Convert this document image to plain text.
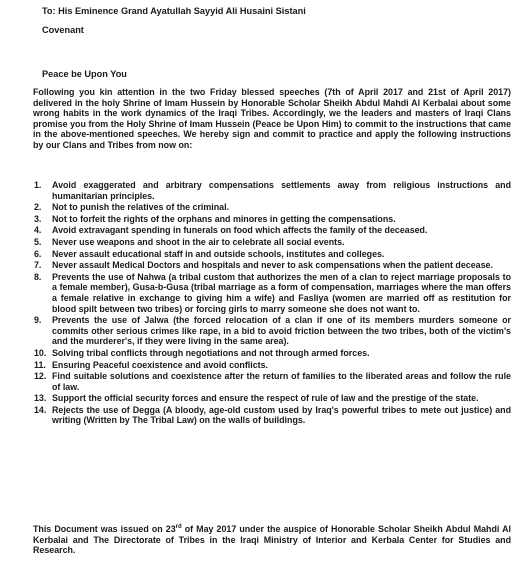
To: His Eminence Grand Ayatullah Sayyid Ali Husaini Sistani
Covenant
Peace be Upon You
Following you kin attention in the two Friday blessed speeches (7th of April 2017 and 21st of April 2017) delivered in the holy Shrine of Imam Hussein by Honorable Scholar Sheikh Abdul Mahdi Al Kerbalai about some wrong habits in the work dynamics of the Iraqi Tribes. Accordingly, we the leaders and masters of Iraqi Clans promise you from the Holy Shrine of Imam Hussein (Peace be Upon Him) to commit to the instructions that came in the above-mentioned speeches. We hereby sign and commit to practice and apply the following instructions by our Clans and Tribes from now on:
1. Avoid exaggerated and arbitrary compensations settlements away from religious instructions and humanitarian principles.
2. Not to punish the relatives of the criminal.
3. Not to forfeit the rights of the orphans and minores in getting the compensations.
4. Avoid extravagant spending in funerals on food which affects the family of the deceased.
5. Never use weapons and shoot in the air to celebrate all social events.
6. Never assault educational staff in and outside schools, institutes and colleges.
7. Never assault Medical Doctors and hospitals and never to ask compensations when the patient decease.
8. Prevents the use of Nahwa (a tribal custom that authorizes the men of a clan to reject marriage proposals to a female member), Gusa-b-Gusa (tribal marriage as a form of compensation, marriages where the man offers a female relative in exchange to giving him a wife) and Fasliya (women are married off as restitution for blood spilt between two tribes) or forcing girls to marry someone she does not want to.
9. Prevents the use of Jalwa (the forced relocation of a clan if one of its members murders someone or commits other serious crimes like rape, in a bid to avoid friction between the two tribes, both of the victim's and the murderer's, if they were living in the same area).
10. Solving tribal conflicts through negotiations and not through armed forces.
11. Ensuring Peaceful coexistence and avoid conflicts.
12. Find suitable solutions and coexistence after the return of families to the liberated areas and follow the rule of law.
13. Support the official security forces and ensure the respect of rule of law and the prestige of the state.
14. Rejects the use of Degga (A bloody, age-old custom used by Iraq's powerful tribes to mete out justice) and writing (Written by The Tribal Law) on the walls of buildings.
This Document was issued on 23rd of May 2017 under the auspice of Honorable Scholar Sheikh Abdul Mahdi Al Kerbalai and The Directorate of Tribes in the Iraqi Ministry of Interior and Kerbala Center for Studies and Research.
